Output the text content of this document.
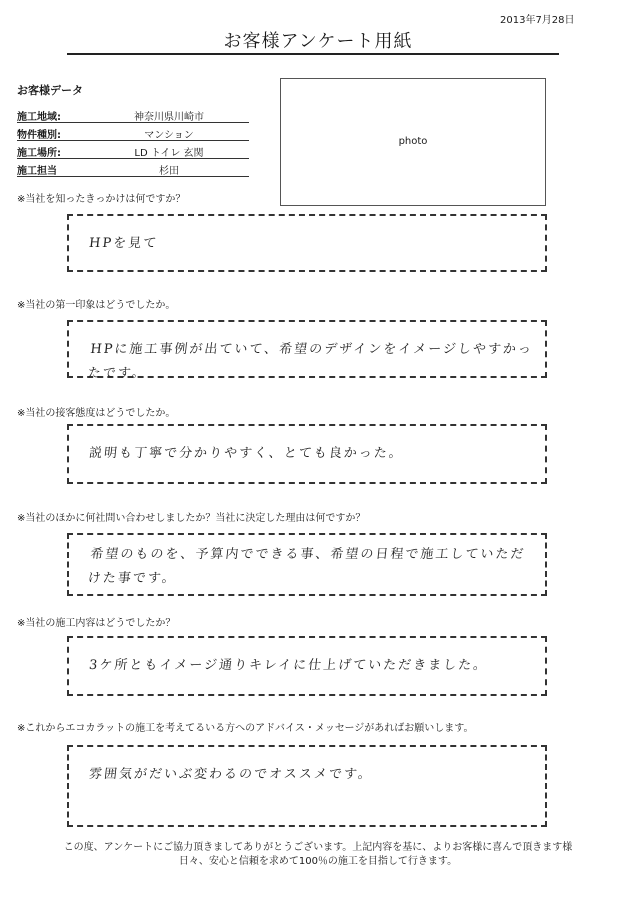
2013年7月28日
お客様アンケート用紙
お客様データ
施工地域:	神奈川県川崎市
物件種別:	マンション
施工場所:	LD トイレ 玄関
施工担当	杉田
photo
※当社を知ったきっかけは何ですか？
HPを見て
※当社の第一印象はどうでしたか。
HPに施工事例が出ていて、希望のデザインをイメージしやすかったです。
※当社の接客態度はどうでしたか。
説明も丁寧で分かりやすく、とても良かった。
※当社のほかに何社問い合わせしましたか？当社に決定した理由は何ですか？
希望のものを、予算内でできる事、希望の日程で施工していただけた事です。
※当社の施工内容はどうでしたか？
3ケ所ともイメージ通りキレイに仕上げていただきました。
※これからエコカラットの施工を考えてるいる方へのアドバイス・メッセージがあればお願いします。
雰囲気がだいぶ変わるのでオススメです。
この度、アンケートにご協力頂きましてありがとうございます。上記内容を基に、よりお客様に喜んで頂きます様
日々、安心と信頼を求めて100％の施工を目指して行きます。
